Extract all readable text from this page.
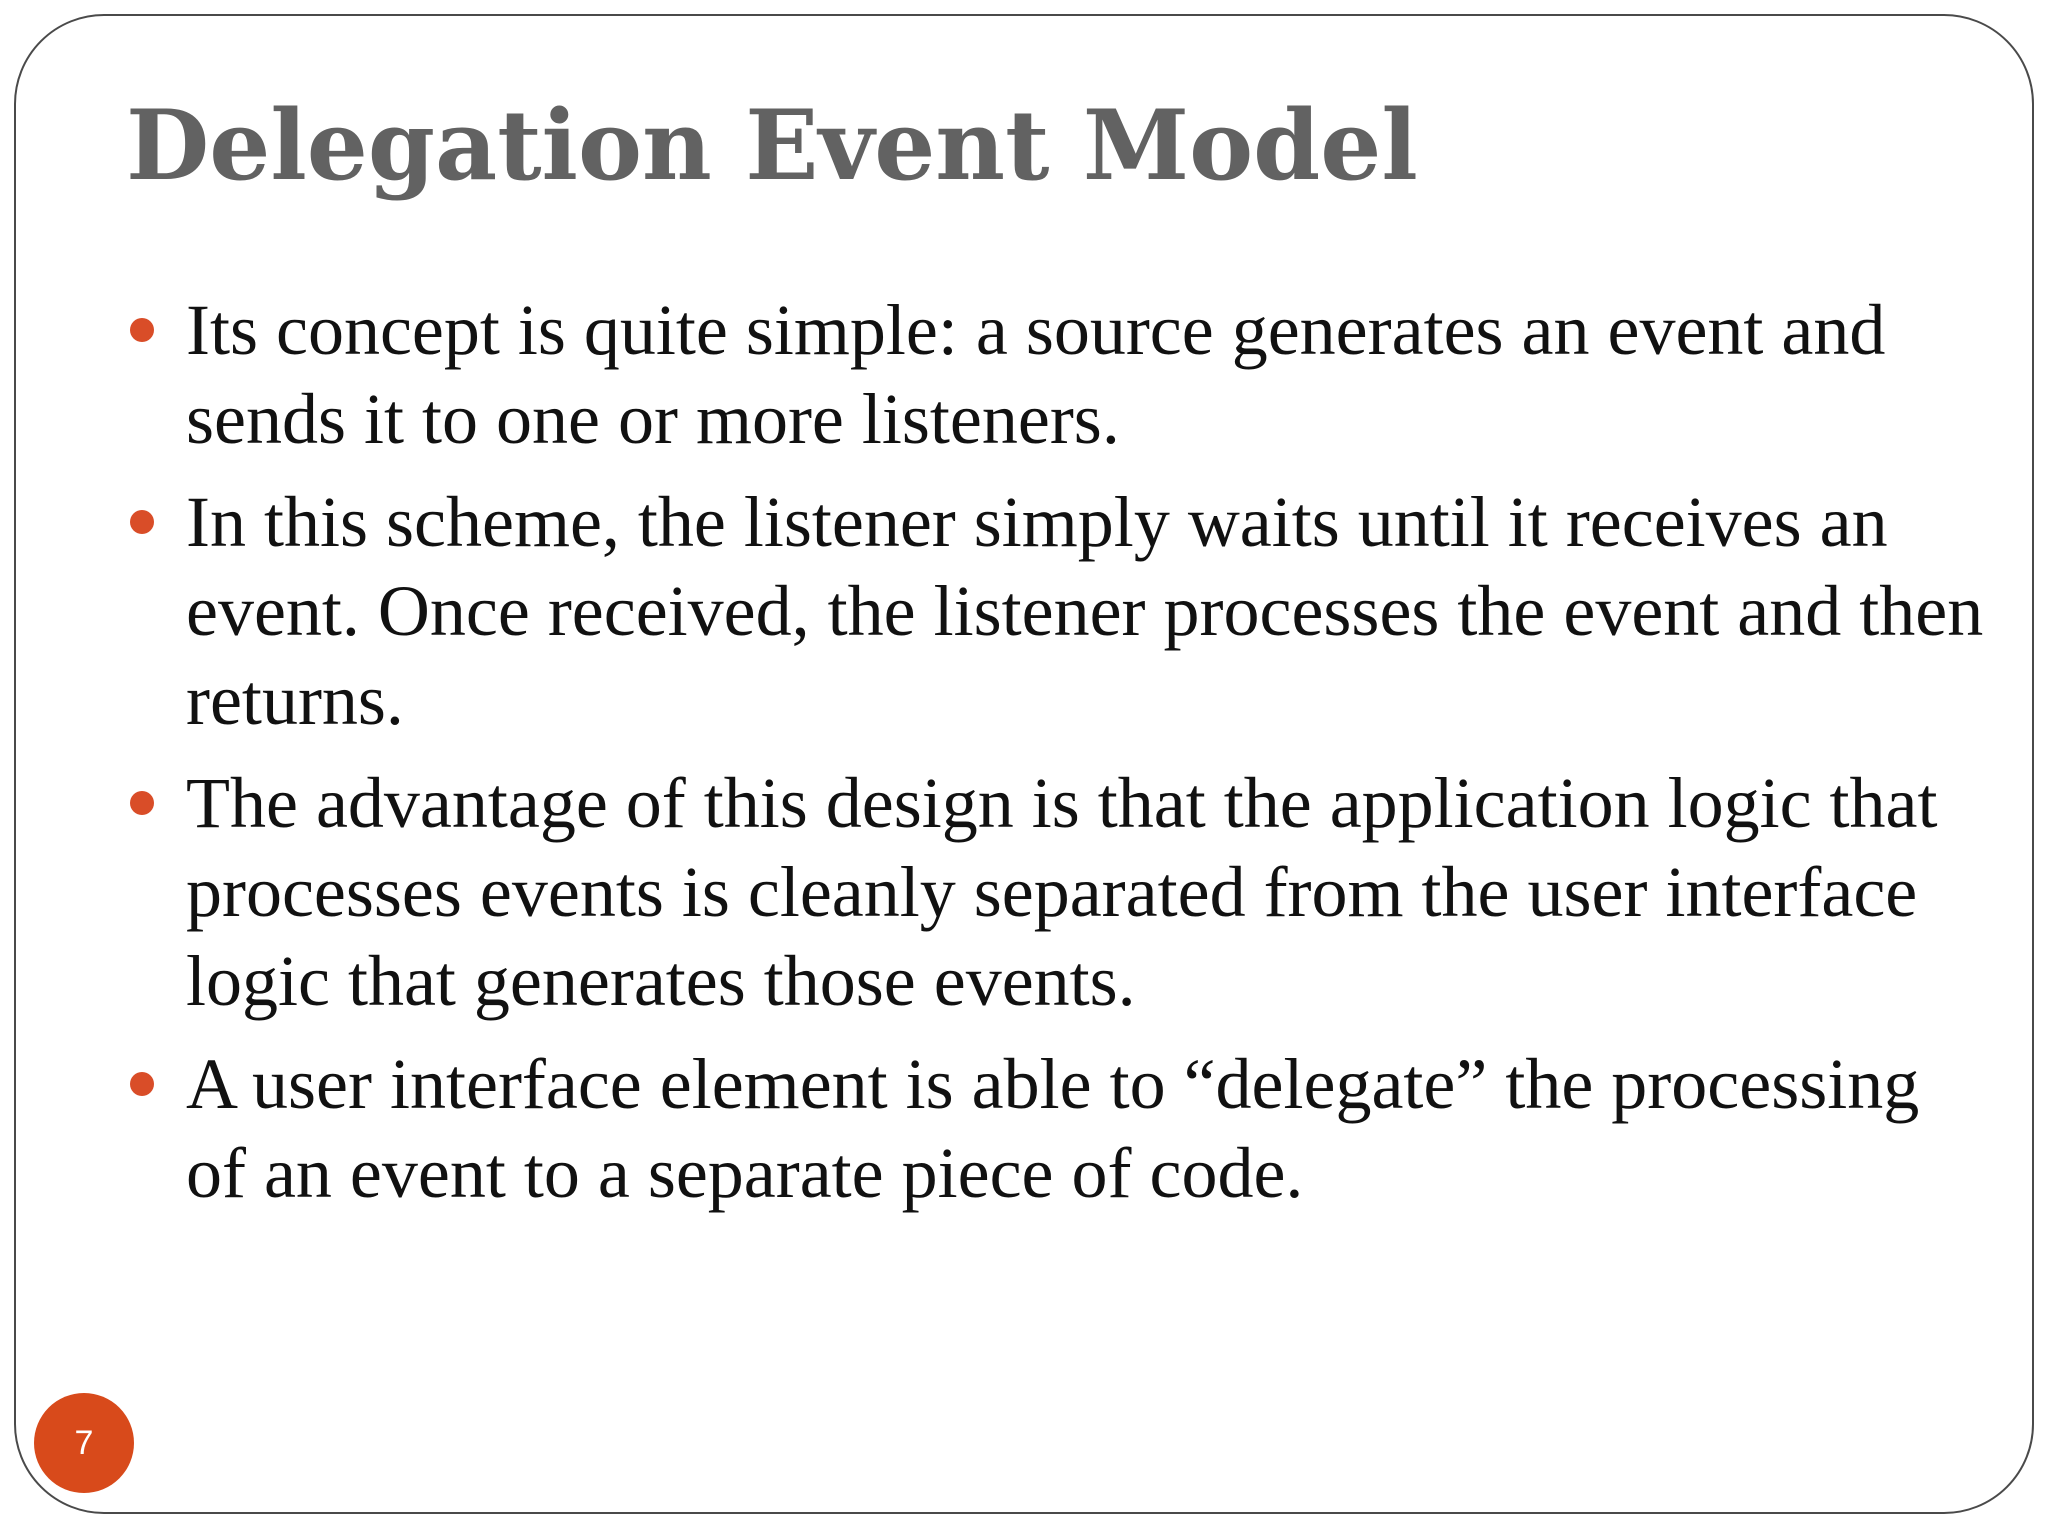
Delegation Event Model
Its concept is quite simple: a source generates an event and sends it to one or more listeners.
In this scheme, the listener simply waits until it receives an event. Once received, the listener processes the event and then returns.
The advantage of this design is that the application logic that processes events is cleanly separated from the user interface logic that generates those events.
A user interface element is able to “delegate” the processing of an event to a separate piece of code.
7
